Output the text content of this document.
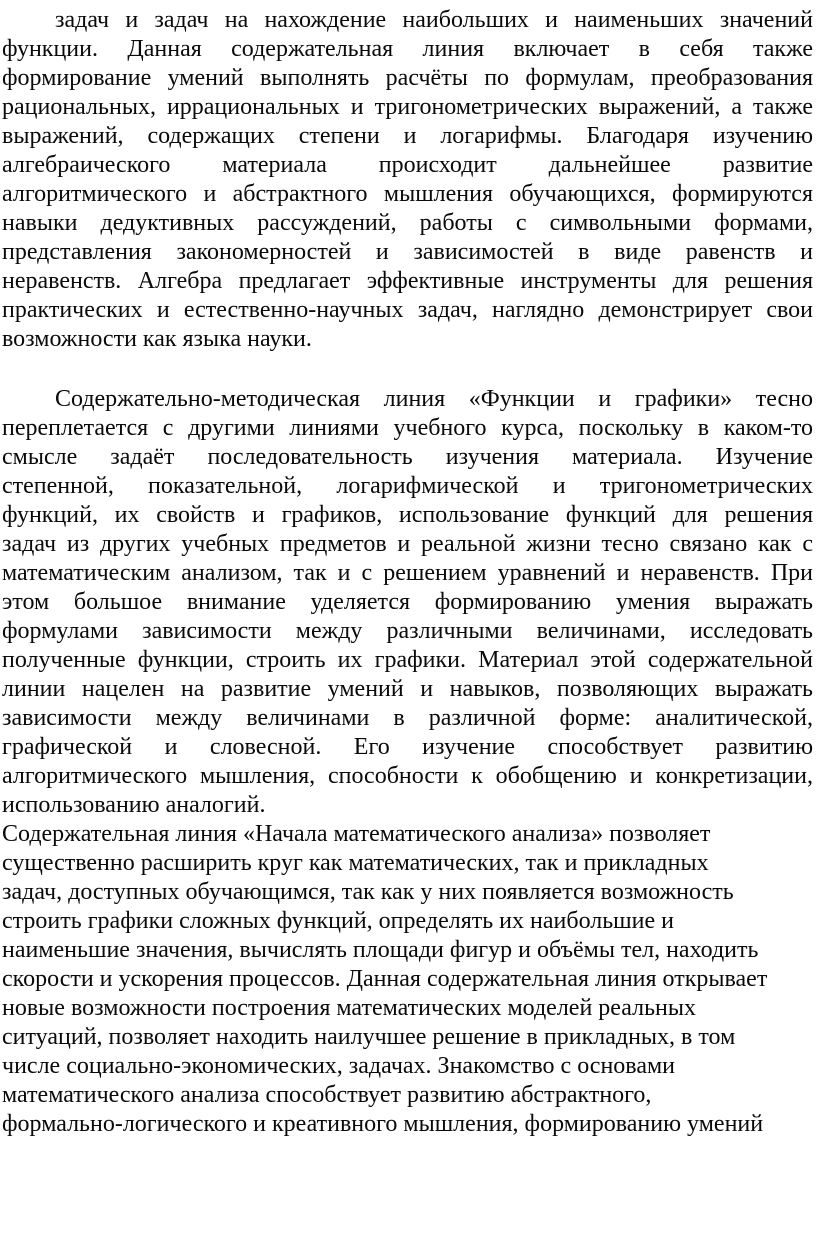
задач и задач на нахождение наибольших и наименьших значений
функции. Данная содержательная линия включает в себя также
формирование умений выполнять расчёты по формулам, преобразования
рациональных, иррациональных и тригонометрических выражений, а также
выражений, содержащих степени и логарифмы. Благодаря изучению
алгебраического материала происходит дальнейшее развитие
алгоритмического и абстрактного мышления обучающихся, формируются
навыки дедуктивных рассуждений, работы с символьными формами,
представления закономерностей и зависимостей в виде равенств и
неравенств. Алгебра предлагает эффективные инструменты для решения
практических и естественно-научных задач, наглядно демонстрирует свои
возможности как языка науки.
Содержательно-методическая линия «Функции и графики» тесно
переплетается с другими линиями учебного курса, поскольку в каком-то
смысле задаёт последовательность изучения материала. Изучение
степенной, показательной, логарифмической и тригонометрических
функций, их свойств и графиков, использование функций для решения
задач из других учебных предметов и реальной жизни тесно связано как с
математическим анализом, так и с решением уравнений и неравенств. При
этом большое внимание уделяется формированию умения выражать
формулами зависимости между различными величинами, исследовать
полученные функции, строить их графики. Материал этой содержательной
линии нацелен на развитие умений и навыков, позволяющих выражать
зависимости между величинами в различной форме: аналитической,
графической и словесной. Его изучение способствует развитию
алгоритмического мышления, способности к обобщению и конкретизации,
использованию аналогий.
Содержательная линия «Начала математического анализа» позволяет
существенно расширить круг как математических, так и прикладных
задач, доступных обучающимся, так как у них появляется возможность
строить графики сложных функций, определять их наибольшие и
наименьшие значения, вычислять площади фигур и объёмы тел, находить
скорости и ускорения процессов. Данная содержательная линия открывает
новые возможности построения математических моделей реальных
ситуаций, позволяет находить наилучшее решение в прикладных, в том
числе социально-экономических, задачах. Знакомство с основами
математического анализа способствует развитию абстрактного,
формально-логического и креативного мышления, формированию умений
